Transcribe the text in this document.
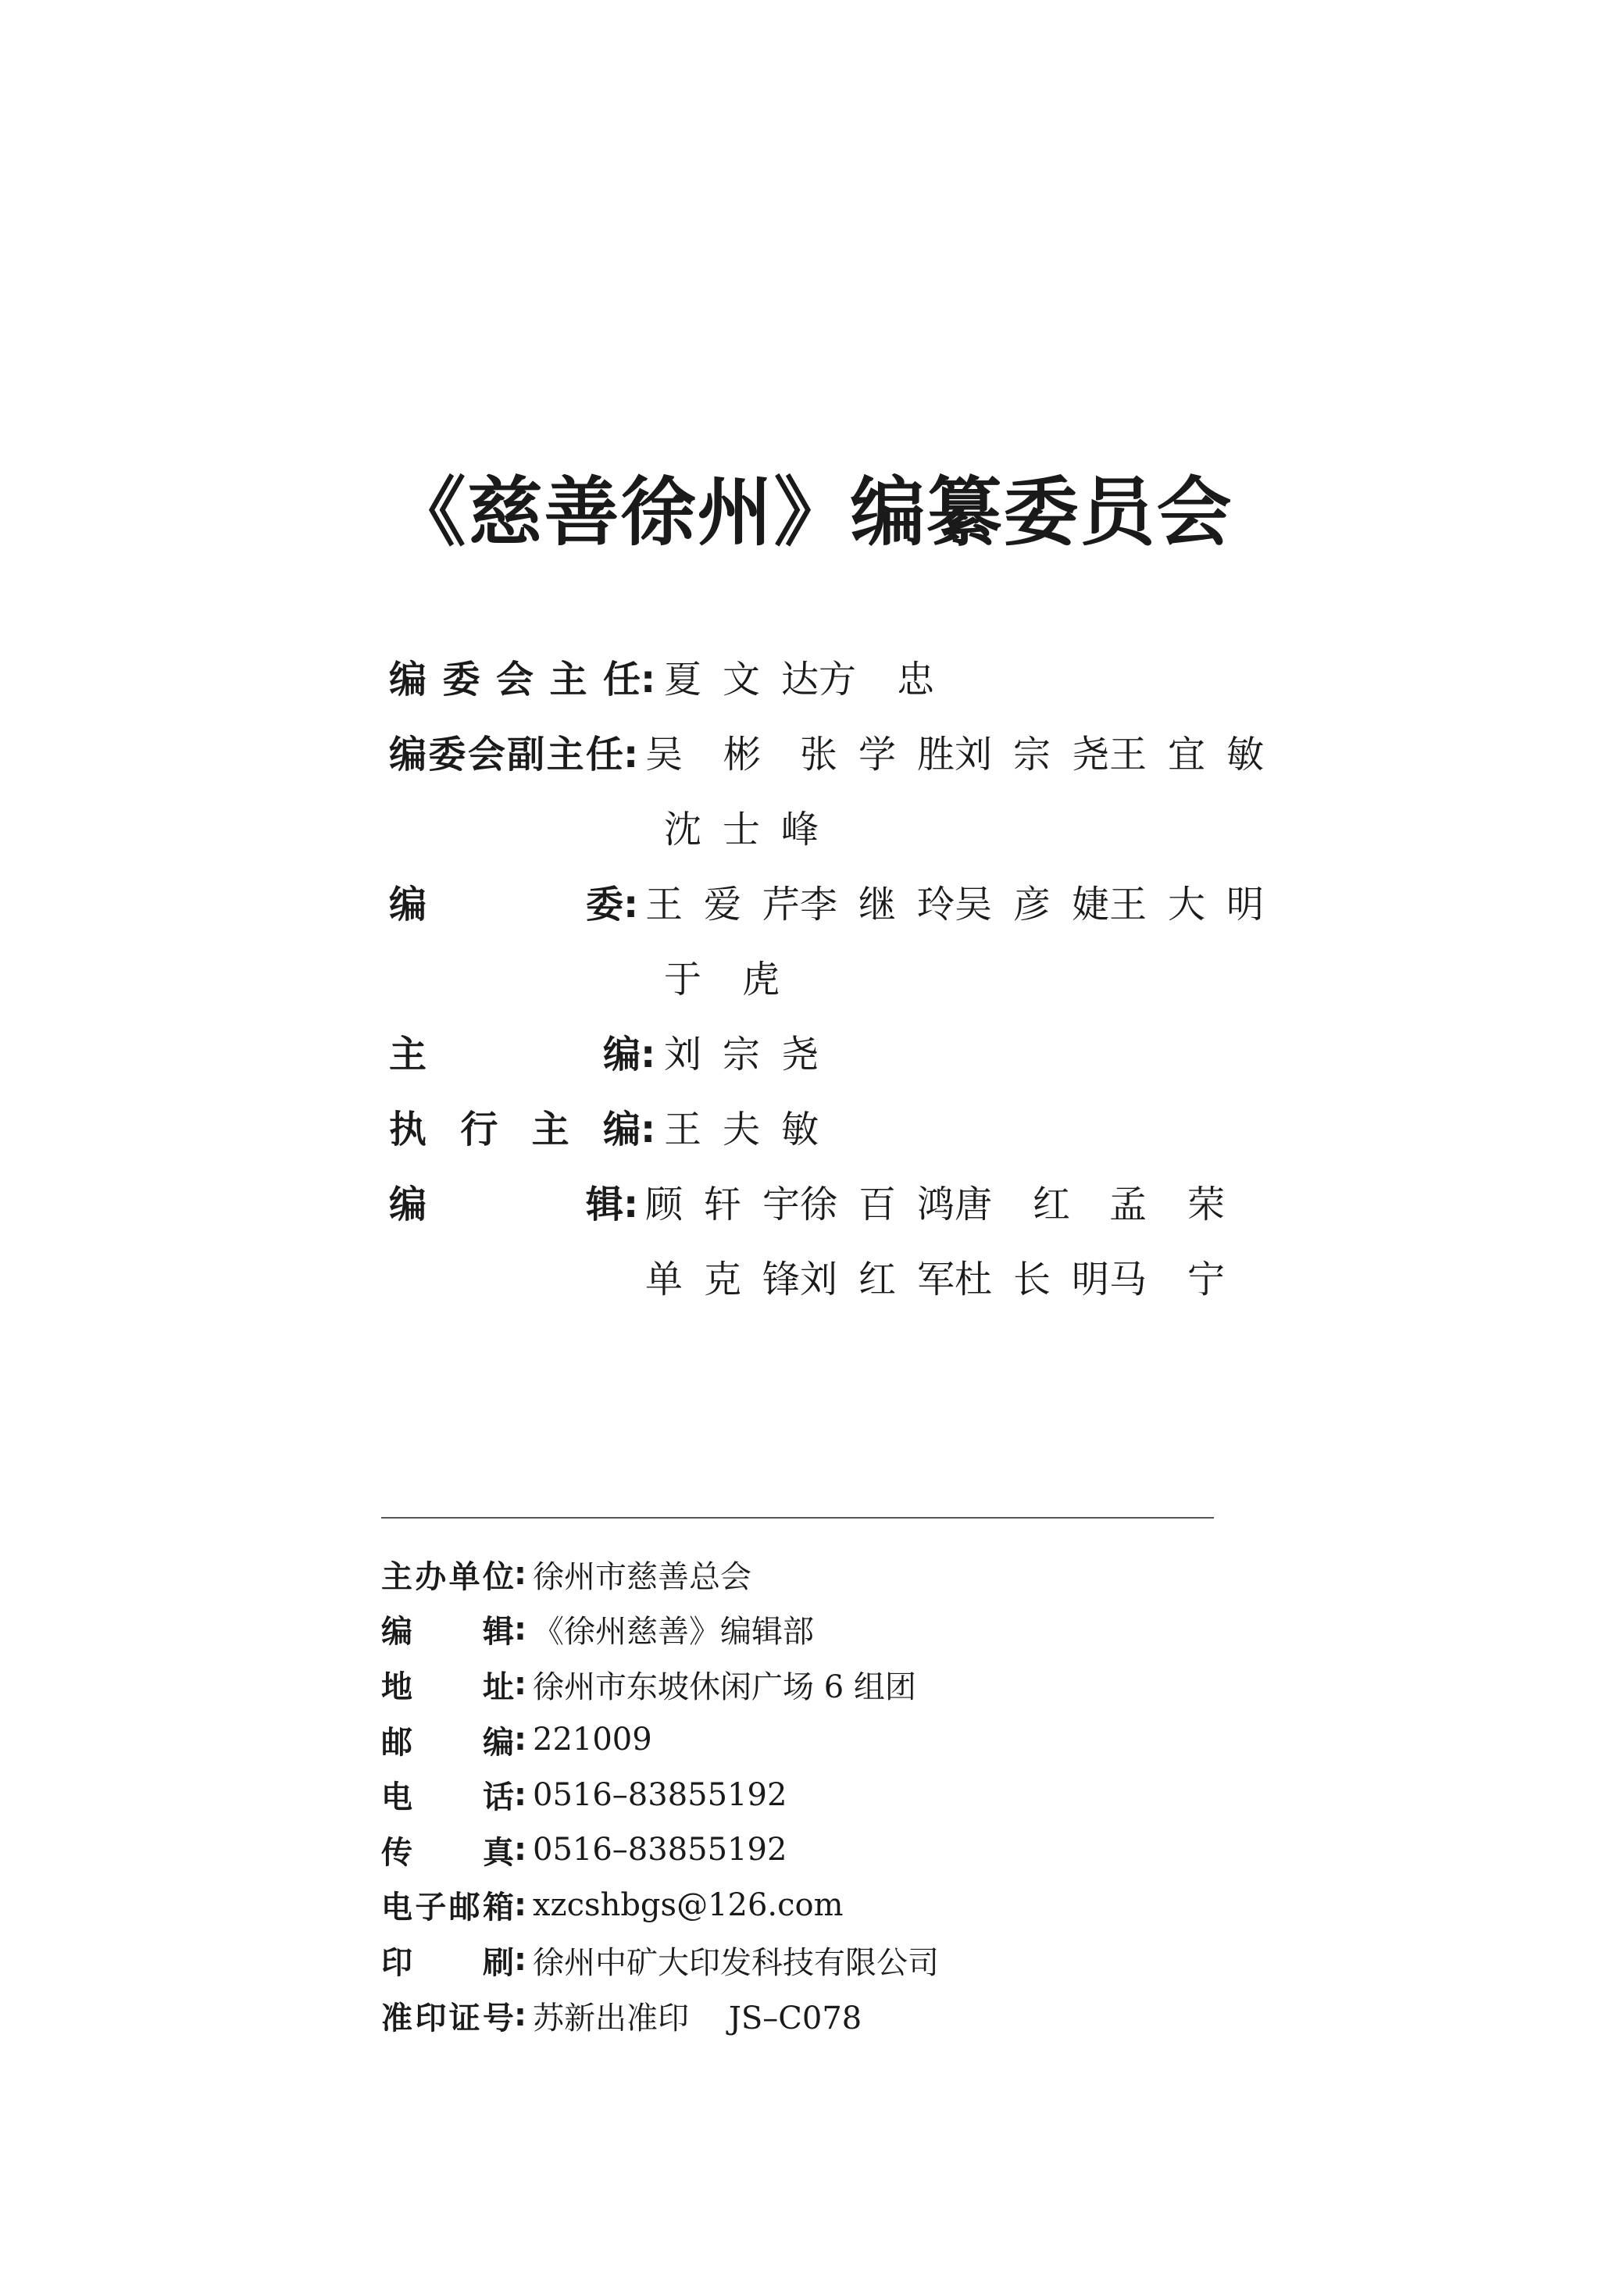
《慈善徐州》编纂委员会
编 委 会 主 任 : 夏 文 达 方 忠
编 委 会 副 主 任 : 吴 彬 张 学 胜 刘 宗 尧 王 宜 敏
沈 士 峰
编	委 : 王 爱 芹 李 继 玲 吴 彦 婕 王 大 明
于 虎
主	编 : 刘 宗 尧
执 行 主 编 : 王 夫 敏
编	辑 : 顾 轩 宇 徐 百 鸿 唐 红 孟 荣
单 克 锋 刘 红 军 杜 长 明 马 宁
主 办 单 位 : 徐州市慈善总会
编 辑 : 《徐州慈善》编辑部
地 址 : 徐州市东坡休闲广场 6 组团
邮 编 : 221009
电 话 : 0516–83855192
传 真 : 0516–83855192
电 子 邮 箱 : xzcshbgs@126.com
印 刷 : 徐州中矿大印发科技有限公司
准 印 证 号 : 苏新出准印    JS–C078
